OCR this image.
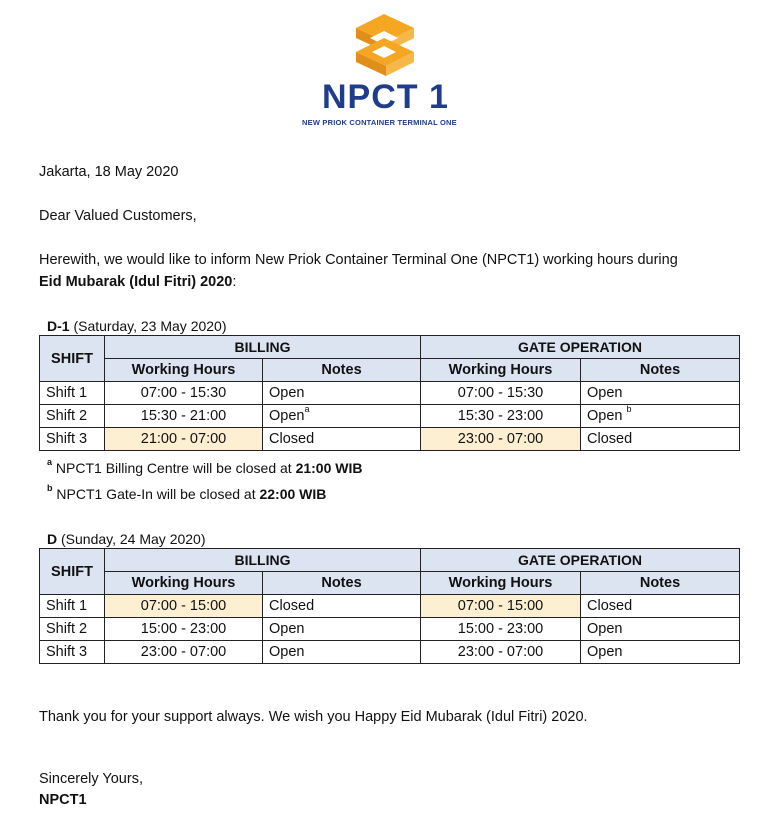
NPCT 1
NEW PRIOK CONTAINER TERMINAL ONE
Jakarta, 18 May 2020
Dear Valued Customers,
Herewith, we would like to inform New Priok Container Terminal One (NPCT1) working hours during
Eid Mubarak (Idul Fitri) 2020:
D-1 (Saturday, 23 May 2020)
SHIFT	BILLING		GATE OPERATION	
	Working Hours	Notes	Working Hours	Notes
Shift 1	07:00 - 15:30	Open	07:00 - 15:30	Open
Shift 2	15:30 - 21:00	Open$^a$	15:30 - 23:00	Open $^b$
Shift 3	21:00 - 07:00	Closed	23:00 - 07:00	Closed
$^a$ NPCT1 Billing Centre will be closed at 21:00 WIB
$^b$ NPCT1 Gate-In will be closed at 22:00 WIB
D (Sunday, 24 May 2020)
SHIFT	BILLING		GATE OPERATION	
	Working Hours	Notes	Working Hours	Notes
Shift 1	07:00 - 15:00	Closed	07:00 - 15:00	Closed
Shift 2	15:00 - 23:00	Open	15:00 - 23:00	Open
Shift 3	23:00 - 07:00	Open	23:00 - 07:00	Open
Thank you for your support always. We wish you Happy Eid Mubarak (Idul Fitri) 2020.
Sincerely Yours,
NPCT1
